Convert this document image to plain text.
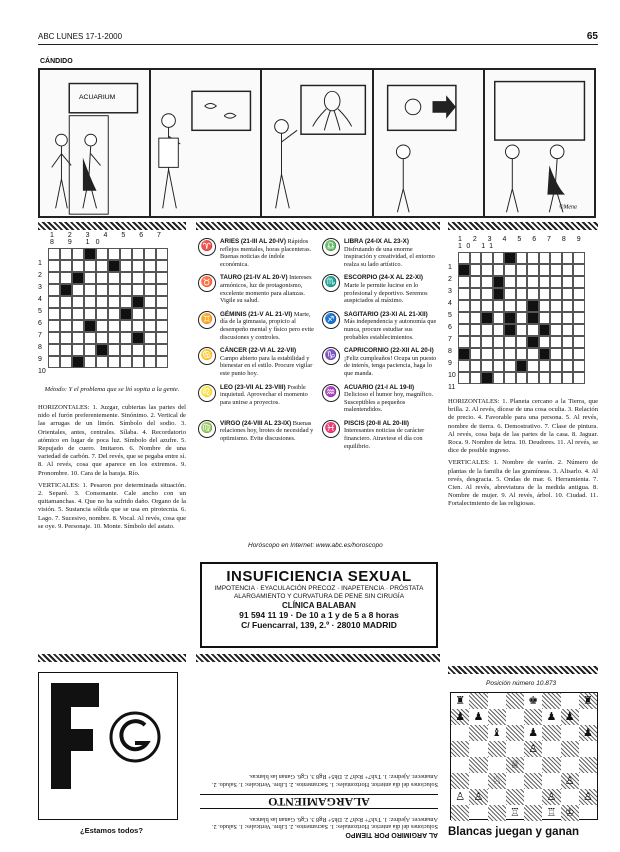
ABC LUNES 17-1-2000	65
CÁNDIDO
ACUARIUM
©Mena
1 2 3 4 5 6 7 8 9 10
1
2
3
4
5
6
7
8
9
10
Método: Y el problema que se lió sopita a la gente.

HORIZONTALES: 1. Juzgar, cubiertas las partes del nido el furón preferentemente. Sinónimo. 2. Vertical de las arrugas de un limón. Símbolo del sodio. 3. Orientales, antes, centrales. Sílaba. 4. Recordatorio atómico en lugar de poca luz. Símbolo del azufre. 5. Repujado de cuero. Imitaron. 6. Nombre de una variedad de carbón. 7. Del revés, que se pegaba entre sí. 8. Al revés, cosa que aparece en los extremos. 9. Pronombre. 10. Cara de la baraja. Río.

VERTICALES: 1. Pesaron por determinada situación. 2. Separé. 3. Consonante. Cale ancho con un quitamanchas. 4. Que no ha sufrido daño. Organo de la visión. 5. Sustancia sólida que se usa en pirotecnia. 6. Lago. 7. Sucesivo, nombre. 8. Vocal. Al revés, cosa que se oye. 9. Personaje. 10. Monte. Símbolo del astato.

♈	ARIES (21-III AL 20-IV) Rápidos reflejos mentales, horas placenteras. Buenas noticias de índole económica.
♎	LIBRA (24-IX AL 23-X) Disfrutando de una enorme inspiración y creatividad, el entorno realza su lado artístico.
♉	TAURO (21-IV AL 20-V) Intereses armónicos, luz de protagonismo, excelente momento para alianzas. Vigile su salud.
♏	ESCORPIO (24-X AL 22-XI) Marte le permite lucirse en lo profesional y deportivo. Seremos auspiciados al máximo.
♊	GÉMINIS (21-V AL 21-VI) Marte, día de la gimnasia, propicio al desempeño mental y físico pero evite discusiones y controles.
♐	SAGITARIO (23-XI AL 21-XII) Más independencia y autonomía que nunca, procure estudiar sus probables establecimientos.
♋	CÁNCER (22-VI AL 22-VII) Campo abierto para la estabilidad y bienestar en el estilo. Procure vigilar este punto hoy.
♑	CAPRICORNIO (22-XII AL 20-I) ¡Feliz cumpleaños! Ocupa un puesto de interés, tenga paciencia, haga lo que manda.
♌	LEO (23-VII AL 23-VIII) Posible inquietud. Aprovechar el momento para unirse a proyectos.
♒	ACUARIO (21-I AL 19-II) Delicioso el humor hoy, magnífico. Susceptibles a pequeños malentendidos.
♍	VIRGO (24-VIII AL 23-IX) Buenas relaciones hoy, brotes de necesidad y optimismo. Evite discusiones.
♓	PISCIS (20-II AL 20-III) Interesantes noticias de carácter financiero. Atraviese el día con equilibrio.
Horóscopo en Internet: www.abc.es/horoscopo
INSUFICIENCIA SEXUAL
IMPOTENCIA · EYACULACIÓN PRECOZ · INAPETENCIA · PRÓSTATA
ALARGAMIENTO Y CURVATURA DE PENE SIN CIRUGÍA
CLÍNICA BALABAN
91 594 11 19 · De 10 a 1 y de 5 a 8 horas
C/ Fuencarral, 139, 2.º · 28010 MADRID
AL ARGIMIRO POR TIEMPO

Soluciones del día anterior. Horizontales: 1. Sacramentos. 2. Libre. Verticales: 1. Saludo. 2. Amanecer. Ajedrez: 1. Txh7+ Rxh7 2. Dh5+ Rg8 3. Cg6. Ganan las blancas.

ALARGAMIENTO

Soluciones del día anterior. Horizontales: 1. Sacramentos. 2. Libre. Verticales: 1. Saludo. 2. Amanecer. Ajedrez: 1. Txh7+ Rxh7 2. Dh5+ Rg8 3. Cg6. Ganan las blancas.

¿Estamos todos?
1 2 3 4 5 6 7 8 9 10 11
1
2
3
4
5
6
7
8
9
10
11

HORIZONTALES: 1. Planeta cercano a la Tierra, que brilla. 2. Al revés, dícese de una cosa oculta. 3. Relación de precio. 4. Favorable para una persona. 5. Al revés, nombre de tierra. 6. Demostrativo. 7. Clase de pintura. Al revés, cosa baja de las partes de la casa. 8. Jaguar. Roca. 9. Nombre de letra. 10. Deudores. 11. Al revés, se dice de posible ingreso.

VERTICALES: 1. Nombre de varón. 2. Número de plantas de la familia de las gramíneas. 3. Alisarlo. 4. Al revés, desgracia. 5. Ondas de mar. 6. Herramienta. 7. Cien. Al revés, abreviatura de la medida antigua. 8. Nombre de mujer. 9. Al revés, árbol. 10. Ciudad. 11. Fortalecimiento de las religiosas.

Posición número 10.873
♜	♚	♜
♟ ♟	♟ ♟
♝	♟	♟
♙
♕
♘	♙
♙ ♙	♙	♙
♖	♖ ♔
Blancas juegan y ganan
